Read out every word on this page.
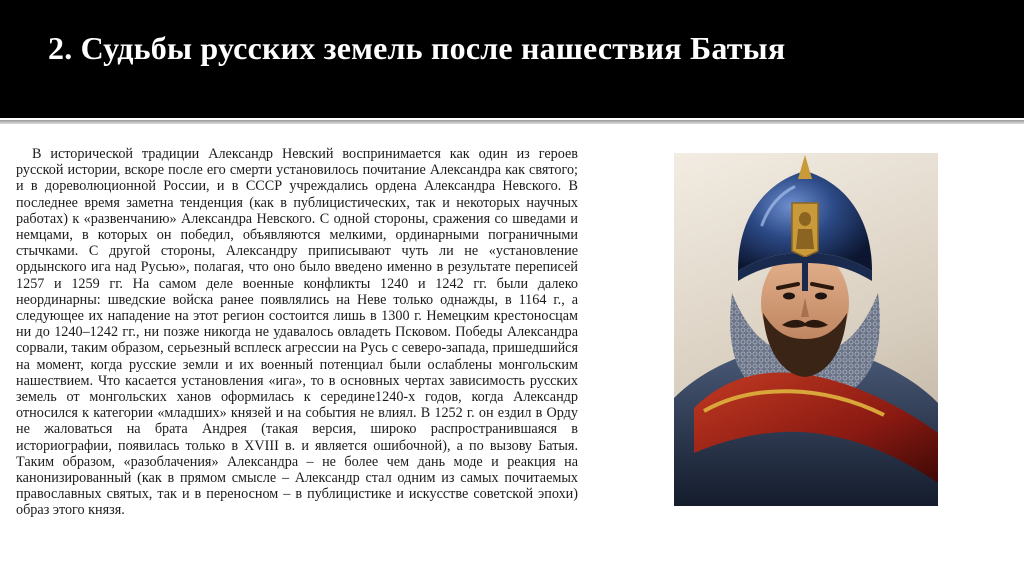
2. Судьбы русских земель после нашествия Батыя

В исторической традиции Александр Невский воспринимается как один из героев русской истории, вскоре после его смерти установилось почитание Александра как святого; и в дореволюционной России, и в СССР учреждались ордена Александра Невского. В последнее время заметна тенденция (как в публицистических, так и некоторых научных работах) к «развенчанию» Александра Невского. С одной стороны, сражения со шведами и немцами, в которых он победил, объявляются мелкими, ординарными пограничными стычками. С другой стороны, Александру приписывают чуть ли не «установление ордынского ига над Русью», полагая, что оно было введено именно в результате переписей 1257 и 1259 гг. На самом деле военные конфликты 1240 и 1242 гг. были далеко неординарны: шведские войска ранее появлялись на Неве только однажды, в 1164 г., а следующее их нападение на этот регион состоится лишь в 1300 г. Немецким крестоносцам ни до 1240–1242 гг., ни позже никогда не удавалось овладеть Псковом. Победы Александра сорвали, таким образом, серьезный всплеск агрессии на Русь с северо-запада, пришедшийся на момент, когда русские земли и их военный потенциал были ослаблены монгольским нашествием. Что касается установления «ига», то в основных чертах зависимость русских земель от монгольских ханов оформилась к середине1240-х годов, когда Александр относился к категории «младших» князей и на события не влиял. В 1252 г. он ездил в Орду не жаловаться на брата Андрея (такая версия, широко распространившаяся в историографии, появилась только в XVIII в. и является ошибочной), а по вызову Батыя. Таким образом, «разоблачения» Александра – не более чем дань моде и реакция на канонизированный (как в прямом смысле – Александр стал одним из самых почитаемых православных святых, так и в переносном – в публицистике и искусстве советской эпохи) образ этого князя.
